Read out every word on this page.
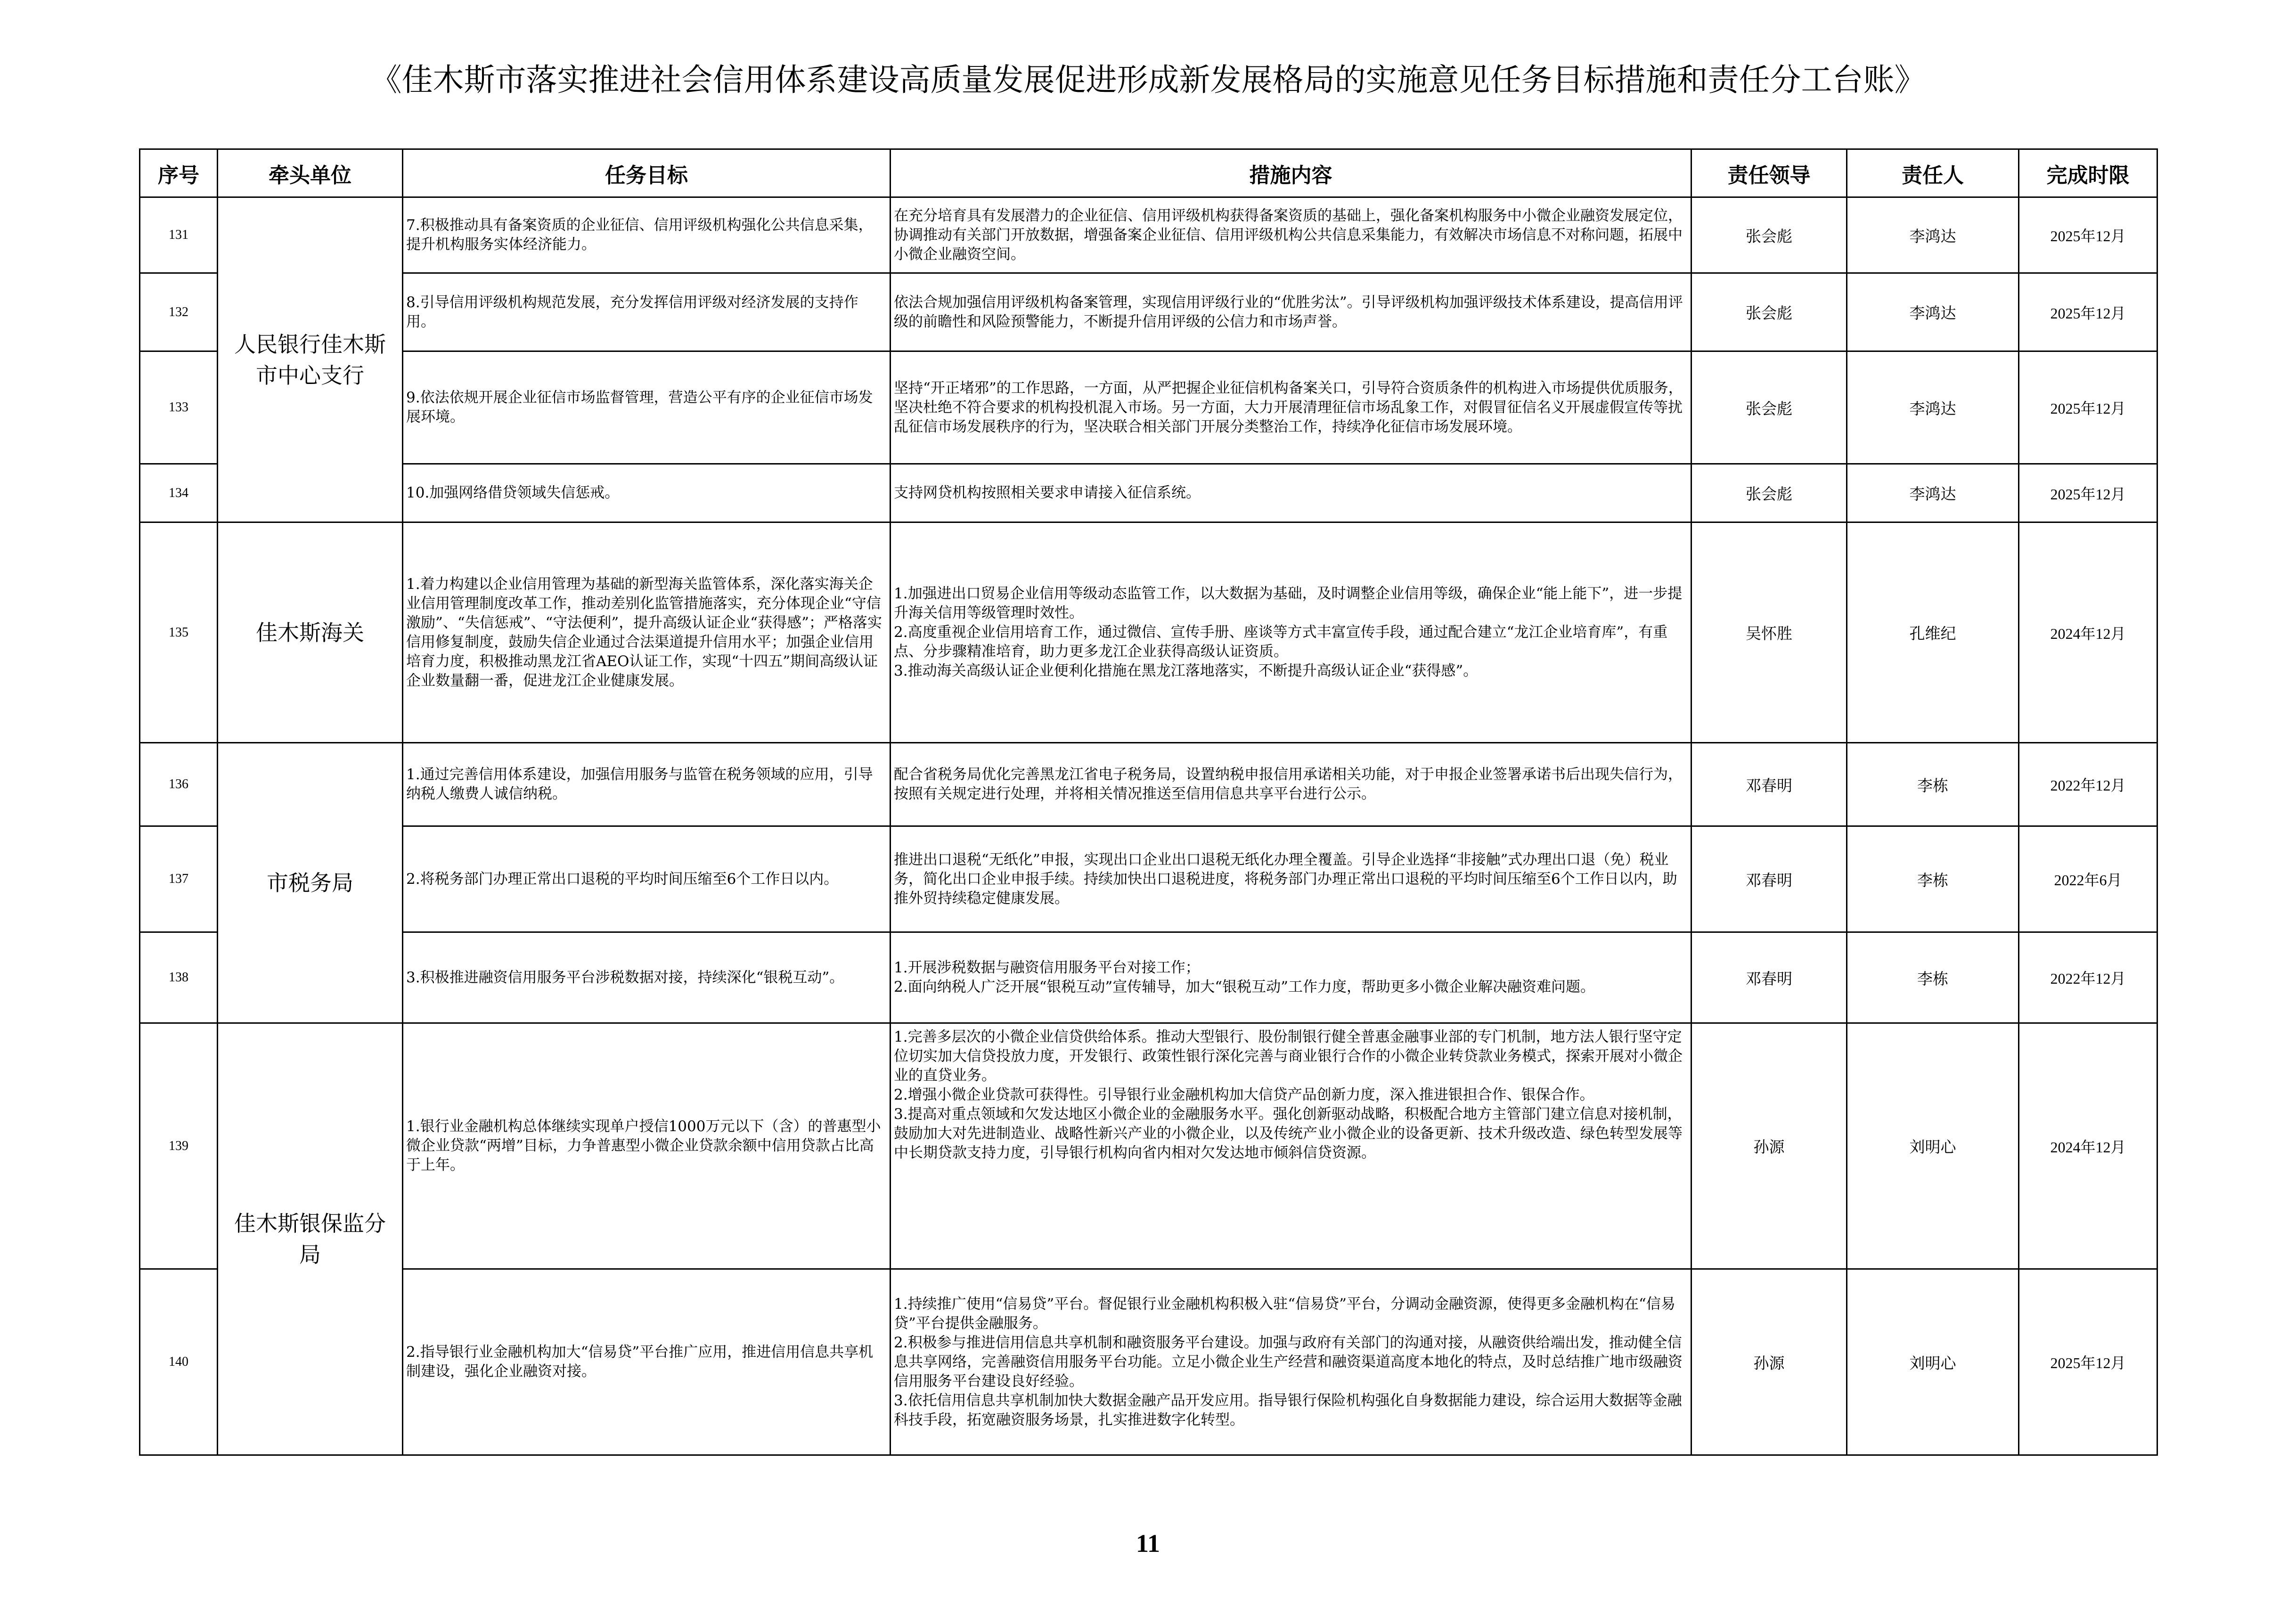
《佳木斯市落实推进社会信用体系建设高质量发展促进形成新发展格局的实施意见任务目标措施和责任分工台账》
序号	牵头单位	任务目标	措施内容	责任领导	责任人	完成时限
131	人民银行佳木斯市中心支行	7.积极推动具有备案资质的企业征信、信用评级机构强化公共信息采集，提升机构服务实体经济能力。	在充分培育具有发展潜力的企业征信、信用评级机构获得备案资质的基础上，强化备案机构服务中小微企业融资发展定位，协调推动有关部门开放数据，增强备案企业征信、信用评级机构公共信息采集能力，有效解决市场信息不对称问题，拓展中小微企业融资空间。	张会彪	李鸿达	2025年12月
132		8.引导信用评级机构规范发展，充分发挥信用评级对经济发展的支持作用。	依法合规加强信用评级机构备案管理，实现信用评级行业的“优胜劣汰”。引导评级机构加强评级技术体系建设，提高信用评级的前瞻性和风险预警能力，不断提升信用评级的公信力和市场声誉。	张会彪	李鸿达	2025年12月
133		9.依法依规开展企业征信市场监督管理，营造公平有序的企业征信市场发展环境。	坚持“开正堵邪”的工作思路，一方面，从严把握企业征信机构备案关口，引导符合资质条件的机构进入市场提供优质服务，坚决杜绝不符合要求的机构投机混入市场。另一方面，大力开展清理征信市场乱象工作，对假冒征信名义开展虚假宣传等扰乱征信市场发展秩序的行为，坚决联合相关部门开展分类整治工作，持续净化征信市场发展环境。	张会彪	李鸿达	2025年12月
134		10.加强网络借贷领域失信惩戒。	支持网贷机构按照相关要求申请接入征信系统。	张会彪	李鸿达	2025年12月
135	佳木斯海关	1.着力构建以企业信用管理为基础的新型海关监管体系，深化落实海关企业信用管理制度改革工作，推动差别化监管措施落实，充分体现企业“守信激励”、“失信惩戒”、“守法便利”，提升高级认证企业“获得感”；严格落实信用修复制度，鼓励失信企业通过合法渠道提升信用水平；加强企业信用培育力度，积极推动黑龙江省AEO认证工作，实现“十四五”期间高级认证企业数量翻一番，促进龙江企业健康发展。	1.加强进出口贸易企业信用等级动态监管工作，以大数据为基础，及时调整企业信用等级，确保企业“能上能下”，进一步提升海关信用等级管理时效性。
2.高度重视企业信用培育工作，通过微信、宣传手册、座谈等方式丰富宣传手段，通过配合建立“龙江企业培育库”，有重点、分步骤精准培育，助力更多龙江企业获得高级认证资质。
3.推动海关高级认证企业便利化措施在黑龙江落地落实，不断提升高级认证企业“获得感”。	吴怀胜	孔维纪	2024年12月
136	市税务局	1.通过完善信用体系建设，加强信用服务与监管在税务领域的应用，引导纳税人缴费人诚信纳税。	配合省税务局优化完善黑龙江省电子税务局，设置纳税申报信用承诺相关功能，对于申报企业签署承诺书后出现失信行为，按照有关规定进行处理，并将相关情况推送至信用信息共享平台进行公示。	邓春明	李栋	2022年12月
137		2.将税务部门办理正常出口退税的平均时间压缩至6个工作日以内。	推进出口退税“无纸化”申报，实现出口企业出口退税无纸化办理全覆盖。引导企业选择“非接触”式办理出口退（免）税业务，简化出口企业申报手续。持续加快出口退税进度，将税务部门办理正常出口退税的平均时间压缩至6个工作日以内，助推外贸持续稳定健康发展。	邓春明	李栋	2022年6月
138		3.积极推进融资信用服务平台涉税数据对接，持续深化“银税互动”。	1.开展涉税数据与融资信用服务平台对接工作；
2.面向纳税人广泛开展“银税互动”宣传辅导，加大“银税互动”工作力度，帮助更多小微企业解决融资难问题。	邓春明	李栋	2022年12月
139	佳木斯银保监分局	1.银行业金融机构总体继续实现单户授信1000万元以下（含）的普惠型小微企业贷款“两增”目标，力争普惠型小微企业贷款余额中信用贷款占比高于上年。	1.完善多层次的小微企业信贷供给体系。推动大型银行、股份制银行健全普惠金融事业部的专门机制，地方法人银行坚守定位切实加大信贷投放力度，开发银行、政策性银行深化完善与商业银行合作的小微企业转贷款业务模式，探索开展对小微企业的直贷业务。
2.增强小微企业贷款可获得性。引导银行业金融机构加大信贷产品创新力度，深入推进银担合作、银保合作。
3.提高对重点领域和欠发达地区小微企业的金融服务水平。强化创新驱动战略，积极配合地方主管部门建立信息对接机制，鼓励加大对先进制造业、战略性新兴产业的小微企业，以及传统产业小微企业的设备更新、技术升级改造、绿色转型发展等中长期贷款支持力度，引导银行机构向省内相对欠发达地市倾斜信贷资源。	孙源	刘明心	2024年12月
140		2.指导银行业金融机构加大“信易贷”平台推广应用，推进信用信息共享机制建设，强化企业融资对接。	1.持续推广使用“信易贷”平台。督促银行业金融机构积极入驻“信易贷”平台，分调动金融资源，使得更多金融机构在“信易贷”平台提供金融服务。
2.积极参与推进信用信息共享机制和融资服务平台建设。加强与政府有关部门的沟通对接，从融资供给端出发，推动健全信息共享网络，完善融资信用服务平台功能。立足小微企业生产经营和融资渠道高度本地化的特点，及时总结推广地市级融资信用服务平台建设良好经验。
3.依托信用信息共享机制加快大数据金融产品开发应用。指导银行保险机构强化自身数据能力建设，综合运用大数据等金融科技手段，拓宽融资服务场景，扎实推进数字化转型。	孙源	刘明心	2025年12月
11
